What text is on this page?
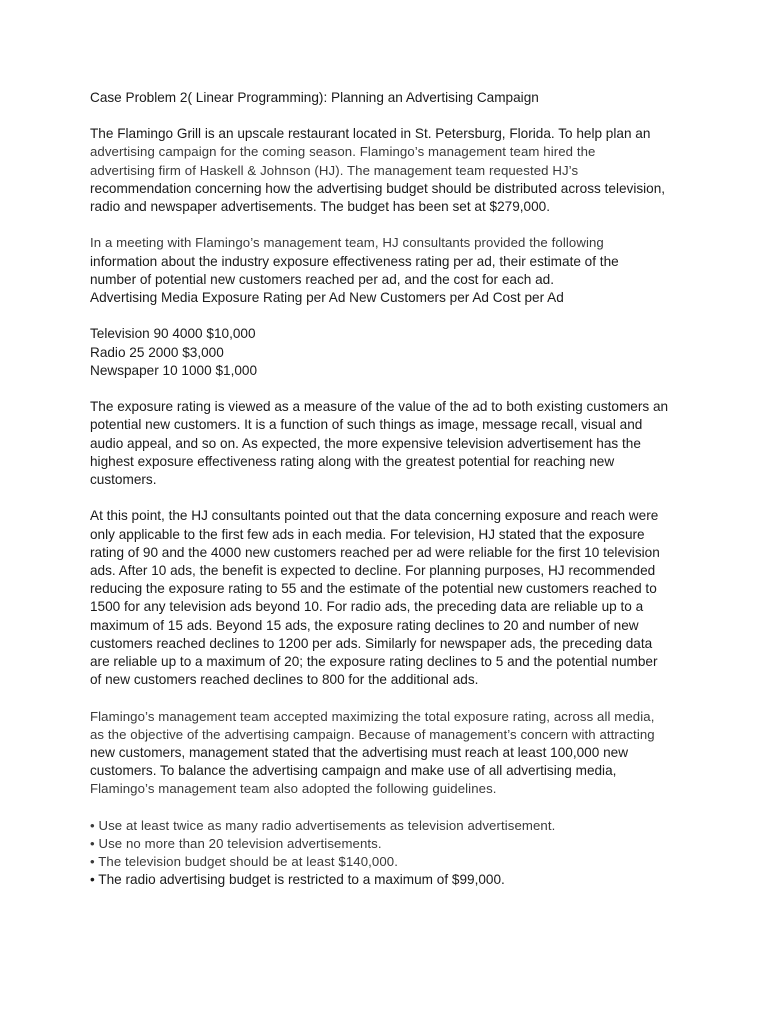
Case Problem 2( Linear Programming): Planning an Advertising Campaign
The Flamingo Grill is an upscale restaurant located in St. Petersburg, Florida. To help plan an
advertising campaign for the coming season. Flamingo’s management team hired the
advertising firm of Haskell & Johnson (HJ). The management team requested HJ’s
recommendation concerning how the advertising budget should be distributed across television,
radio and newspaper advertisements. The budget has been set at $279,000.
In a meeting with Flamingo’s management team, HJ consultants provided the following
information about the industry exposure effectiveness rating per ad, their estimate of the
number of potential new customers reached per ad, and the cost for each ad.
Advertising Media Exposure Rating per Ad New Customers per Ad Cost per Ad
Television 90 4000 $10,000
Radio 25 2000 $3,000
Newspaper 10 1000 $1,000
The exposure rating is viewed as a measure of the value of the ad to both existing customers an
potential new customers. It is a function of such things as image, message recall, visual and
audio appeal, and so on. As expected, the more expensive television advertisement has the
highest exposure effectiveness rating along with the greatest potential for reaching new
customers.
At this point, the HJ consultants pointed out that the data concerning exposure and reach were
only applicable to the first few ads in each media. For television, HJ stated that the exposure
rating of 90 and the 4000 new customers reached per ad were reliable for the first 10 television
ads. After 10 ads, the benefit is expected to decline. For planning purposes, HJ recommended
reducing the exposure rating to 55 and the estimate of the potential new customers reached to
1500 for any television ads beyond 10. For radio ads, the preceding data are reliable up to a
maximum of 15 ads. Beyond 15 ads, the exposure rating declines to 20 and number of new
customers reached declines to 1200 per ads. Similarly for newspaper ads, the preceding data
are reliable up to a maximum of 20; the exposure rating declines to 5 and the potential number
of new customers reached declines to 800 for the additional ads.
Flamingo’s management team accepted maximizing the total exposure rating, across all media,
as the objective of the advertising campaign. Because of management’s concern with attracting
new customers, management stated that the advertising must reach at least 100,000 new
customers. To balance the advertising campaign and make use of all advertising media,
Flamingo’s management team also adopted the following guidelines.
• Use at least twice as many radio advertisements as television advertisement.
• Use no more than 20 television advertisements.
• The television budget should be at least $140,000.
• The radio advertising budget is restricted to a maximum of $99,000.
